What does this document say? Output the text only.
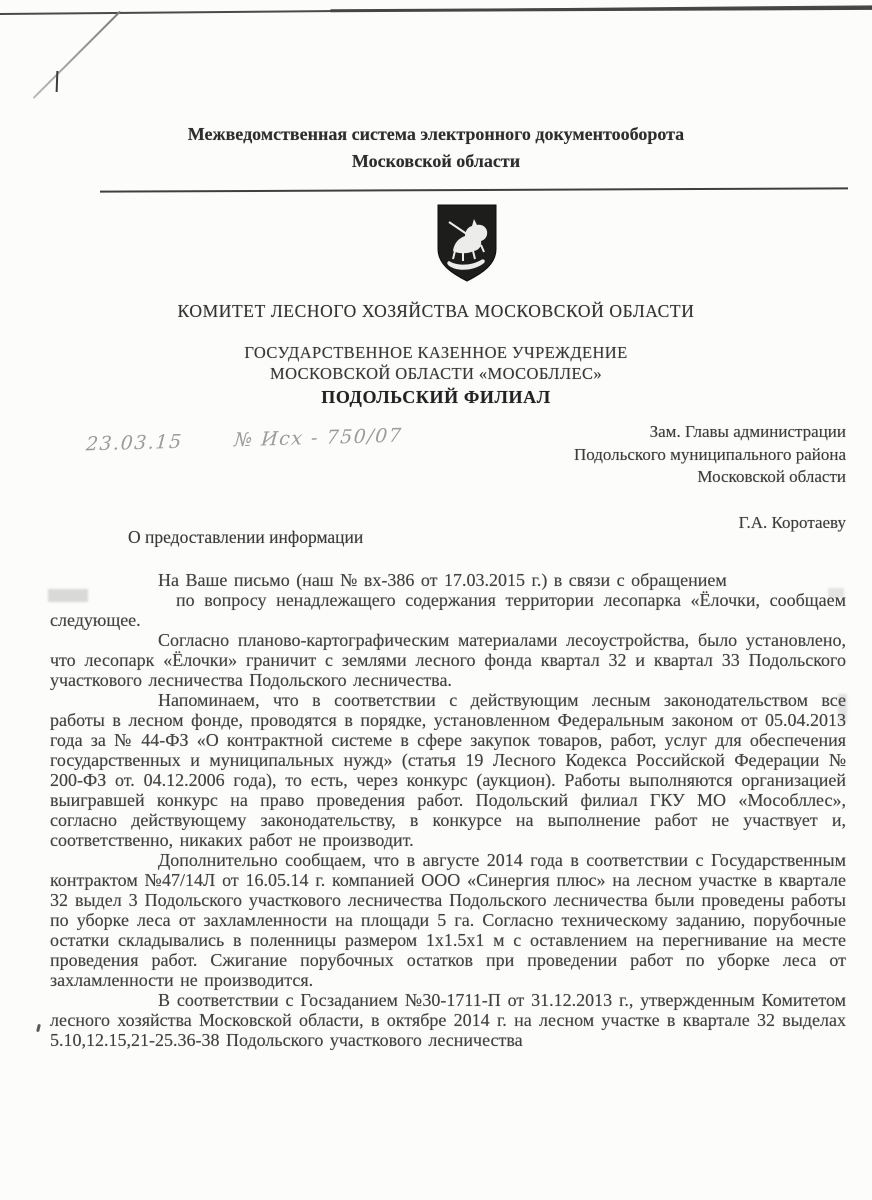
Межведомственная система электронного документооборота
Московской области
КОМИТЕТ ЛЕСНОГО ХОЗЯЙСТВА МОСКОВСКОЙ ОБЛАСТИ
ГОСУДАРСТВЕННОЕ КАЗЕННОЕ УЧРЕЖДЕНИЕ
МОСКОВСКОЙ ОБЛАСТИ «МОСОБЛЛЕС»
ПОДОЛЬСКИЙ ФИЛИАЛ
23.03.15	№ Исх - 750/07	Зам. Главы администрации
Подольского муниципального района
Московской области
Г.А. Коротаеву
О предоставлении информации
На Ваше письмо (наш № вх-386 от 17.03.2015 г.) в связи с обращением
по вопросу ненадлежащего содержания территории лесопарка «Ёлочки, сообщаем
следующее.

Согласно планово-картографическим материалами лесоустройства, было установлено, что лесопарк «Ёлочки» граничит с землями лесного фонда квартал 32 и квартал 33 Подольского участкового лесничества Подольского лесничества.

Напоминаем, что в соответствии с действующим лесным законодательством все работы в лесном фонде, проводятся в порядке, установленном Федеральным законом от 05.04.2013 года за № 44-ФЗ «О контрактной системе в сфере закупок товаров, работ, услуг для обеспечения государственных и муниципальных нужд» (статья 19 Лесного Кодекса Российской Федерации № 200-ФЗ от. 04.12.2006 года), то есть, через конкурс (аукцион). Работы выполняются организацией выигравшей конкурс на право проведения работ. Подольский филиал ГКУ МО «Мособллес», согласно действующему законодательству, в конкурсе на выполнение работ не участвует и, соответственно, никаких работ не производит.

Дополнительно сообщаем, что в августе 2014 года в соответствии с Государственным контрактом №47/14Л от 16.05.14 г. компанией ООО «Синергия плюс» на лесном участке в квартале 32 выдел 3 Подольского участкового лесничества Подольского лесничества были проведены работы по уборке леса от захламленности на площади 5 га. Согласно техническому заданию, порубочные остатки складывались в поленницы размером 1х1.5х1 м с оставлением на перегнивание на месте проведения работ. Сжигание порубочных остатков при проведении работ по уборке леса от захламленности не производится.

В соответствии с Госзаданием №30-1711-П от 31.12.2013 г., утвержденным Комитетом лесного хозяйства Московской области, в октябре 2014 г. на лесном участке в квартале 32 выделах 5.10,12.15,21-25.36-38 Подольского участкового лесничества
